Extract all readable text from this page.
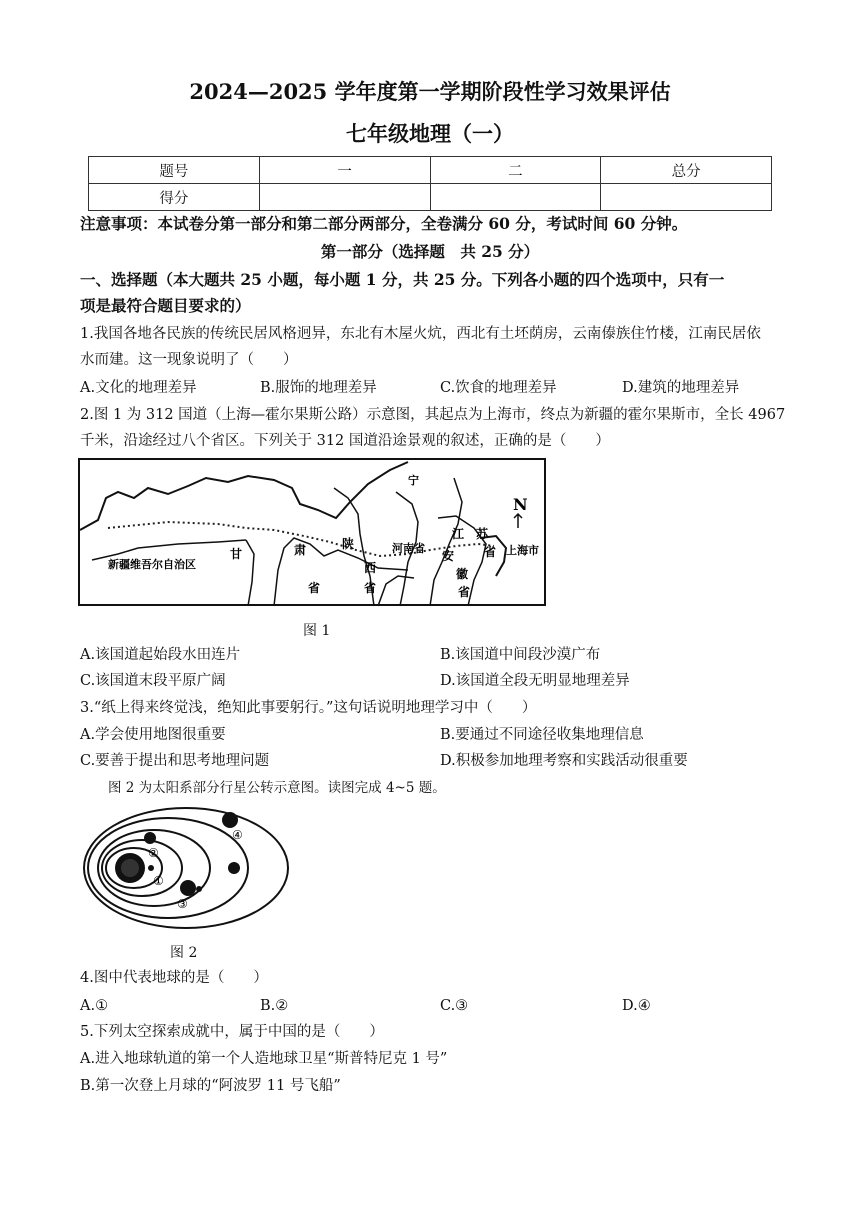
2024—2025 学年度第一学期阶段性学习效果评估
七年级地理（一）
题号	一	二	总分
得分			
注意事项：本试卷分第一部分和第二部分两部分，全卷满分 60 分，考试时间 60 分钟。
第一部分（选择题　共 25 分）
一、选择题（本大题共 25 小题，每小题 1 分，共 25 分。下列各小题的四个选项中，只有一
项是最符合题目要求的）
1.我国各地各民族的传统民居风格迥异，东北有木屋火炕，西北有土坯荫房，云南傣族住竹楼，江南民居依
水而建。这一现象说明了（　　）
A.文化的地理差异	B.服饰的地理差异	C.饮食的地理差异	D.建筑的地理差异
2.图 1 为 312 国道（上海—霍尔果斯公路）示意图，其起点为上海市，终点为新疆的霍尔果斯市，全长 4967
千米，沿途经过八个省区。下列关于 312 国道沿途景观的叙述，正确的是（　　）
N
新疆维吾尔自治区
甘	肃
省
陕
西
省
河南省
江 苏
省
安
徽
省
上海市
宁
图 1
A.该国道起始段水田连片	B.该国道中间段沙漠广布
C.该国道末段平原广阔	D.该国道全段无明显地理差异
3.“纸上得来终觉浅，绝知此事要躬行。”这句话说明地理学习中（　　）
A.学会使用地图很重要	B.要通过不同途径收集地理信息
C.要善于提出和思考地理问题	D.积极参加地理考察和实践活动很重要
图 2 为太阳系部分行星公转示意图。读图完成 4~5 题。
①
②
③
④
图 2
4.图中代表地球的是（　　）
A.①	B.②	C.③	D.④
5.下列太空探索成就中，属于中国的是（　　）
A.进入地球轨道的第一个人造地球卫星“斯普特尼克 1 号”
B.第一次登上月球的“阿波罗 11 号飞船”
